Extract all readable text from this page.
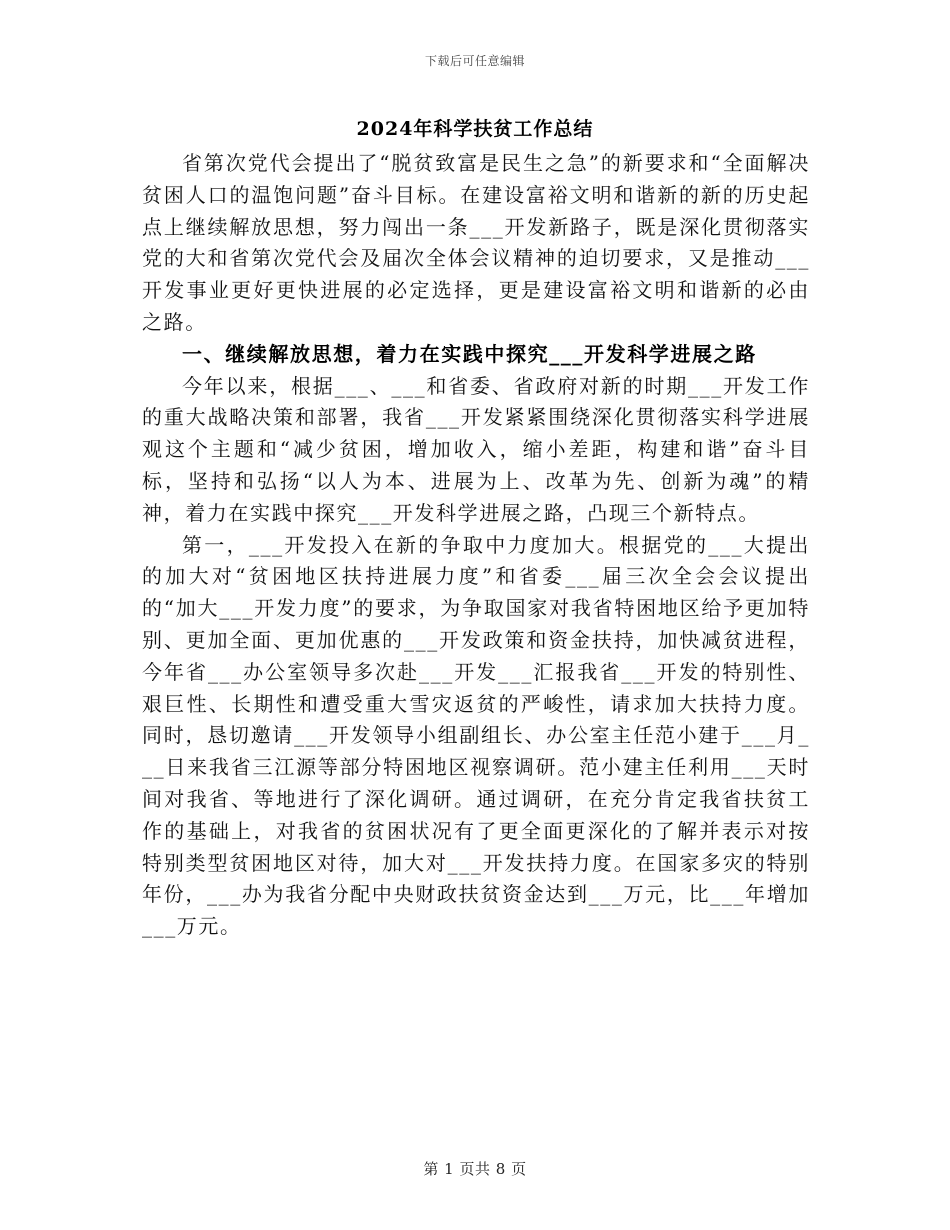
下载后可任意编辑
2024年科学扶贫工作总结

省第次党代会提出了“脱贫致富是民生之急”的新要求和“全面解决贫困人口的温饱问题”奋斗目标。在建设富裕文明和谐新的新的历史起点上继续解放思想，努力闯出一条___开发新路子，既是深化贯彻落实党的大和省第次党代会及届次全体会议精神的迫切要求，又是推动___开发事业更好更快进展的必定选择，更是建设富裕文明和谐新的必由之路。

一、继续解放思想，着力在实践中探究___开发科学进展之路

今年以来，根据___、___和省委、省政府对新的时期___开发工作的重大战略决策和部署，我省___开发紧紧围绕深化贯彻落实科学进展观这个主题和“减少贫困，增加收入，缩小差距，构建和谐”奋斗目标，坚持和弘扬“以人为本、进展为上、改革为先、创新为魂”的精神，着力在实践中探究___开发科学进展之路，凸现三个新特点。

第一，___开发投入在新的争取中力度加大。根据党的___大提出的加大对“贫困地区扶持进展力度”和省委___届三次全会会议提出的“加大___开发力度”的要求，为争取国家对我省特困地区给予更加特别、更加全面、更加优惠的___开发政策和资金扶持，加快减贫进程，今年省___办公室领导多次赴___开发___汇报我省___开发的特别性、艰巨性、长期性和遭受重大雪灾返贫的严峻性，请求加大扶持力度。同时，恳切邀请___开发领导小组副组长、办公室主任范小建于___月___日来我省三江源等部分特困地区视察调研。范小建主任利用___天时间对我省、等地进行了深化调研。通过调研，在充分肯定我省扶贫工作的基础上，对我省的贫困状况有了更全面更深化的了解并表示对按特别类型贫困地区对待，加大对___开发扶持力度。在国家多灾的特别年份，___办为我省分配中央财政扶贫资金达到___万元，比___年增加___万元。

第 1 页共 8 页
